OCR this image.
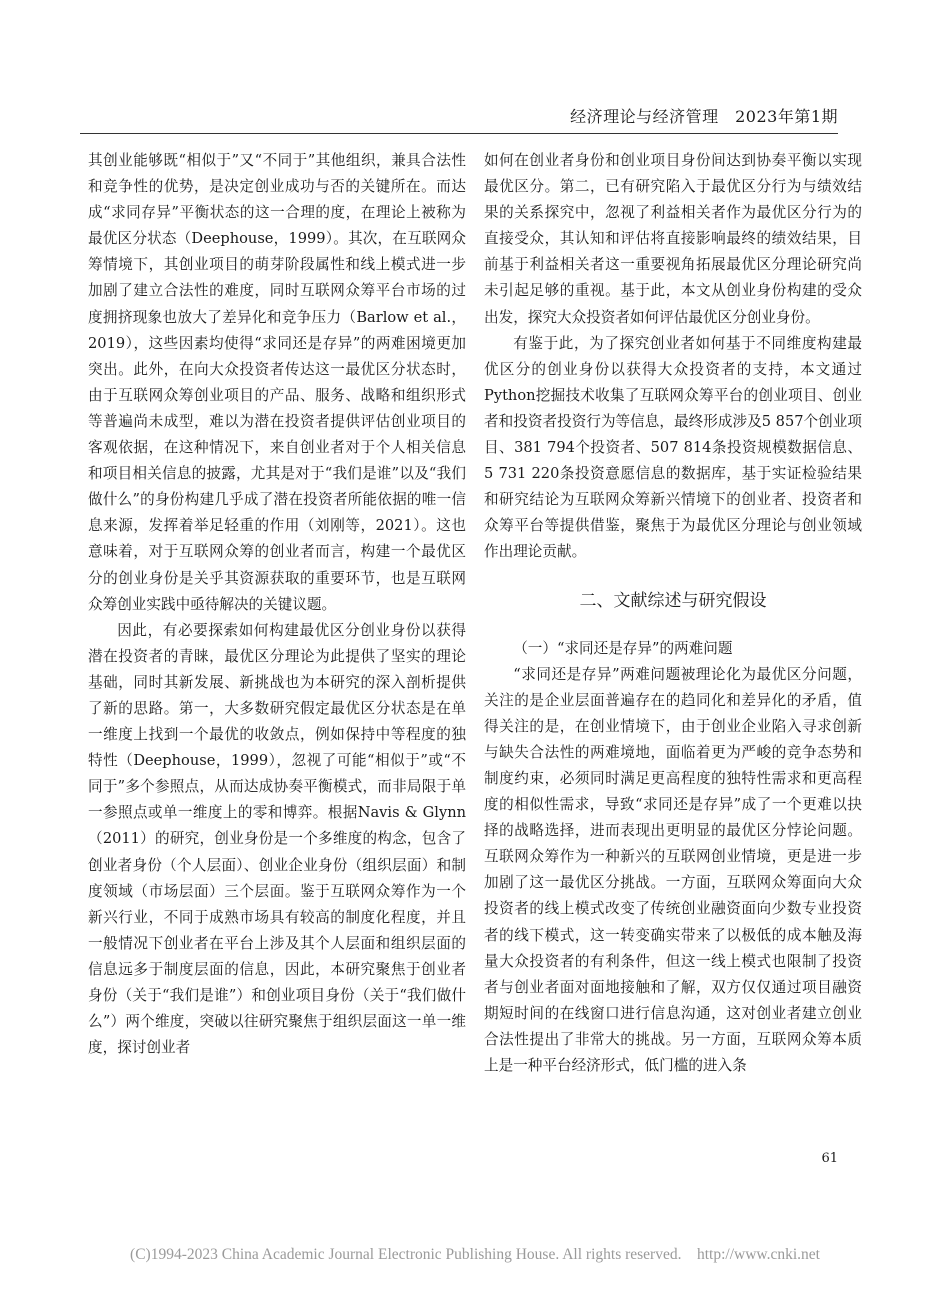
经济理论与经济管理　2023年第1期

其创业能够既“相似于”又“不同于”其他组织，兼具合法性和竞争性的优势，是决定创业成功与否的关键所在。而达成“求同存异”平衡状态的这一合理的度，在理论上被称为最优区分状态（Deephouse，1999）。其次，在互联网众筹情境下，其创业项目的萌芽阶段属性和线上模式进一步加剧了建立合法性的难度，同时互联网众筹平台市场的过度拥挤现象也放大了差异化和竞争压力（Barlow et al.，2019），这些因素均使得“求同还是存异”的两难困境更加突出。此外，在向大众投资者传达这一最优区分状态时，由于互联网众筹创业项目的产品、服务、战略和组织形式等普遍尚未成型，难以为潜在投资者提供评估创业项目的客观依据，在这种情况下，来自创业者对于个人相关信息和项目相关信息的披露，尤其是对于“我们是谁”以及“我们做什么”的身份构建几乎成了潜在投资者所能依据的唯一信息来源，发挥着举足轻重的作用（刘刚等，2021）。这也意味着，对于互联网众筹的创业者而言，构建一个最优区分的创业身份是关乎其资源获取的重要环节，也是互联网众筹创业实践中亟待解决的关键议题。

因此，有必要探索如何构建最优区分创业身份以获得潜在投资者的青睐，最优区分理论为此提供了坚实的理论基础，同时其新发展、新挑战也为本研究的深入剖析提供了新的思路。第一，大多数研究假定最优区分状态是在单一维度上找到一个最优的收敛点，例如保持中等程度的独特性（Deephouse，1999），忽视了可能“相似于”或“不同于”多个参照点，从而达成协奏平衡模式，而非局限于单一参照点或单一维度上的零和博弈。根据Navis & Glynn（2011）的研究，创业身份是一个多维度的构念，包含了创业者身份（个人层面）、创业企业身份（组织层面）和制度领域（市场层面）三个层面。鉴于互联网众筹作为一个新兴行业，不同于成熟市场具有较高的制度化程度，并且一般情况下创业者在平台上涉及其个人层面和组织层面的信息远多于制度层面的信息，因此，本研究聚焦于创业者身份（关于“我们是谁”）和创业项目身份（关于“我们做什么”）两个维度，突破以往研究聚焦于组织层面这一单一维度，探讨创业者

如何在创业者身份和创业项目身份间达到协奏平衡以实现最优区分。第二，已有研究陷入于最优区分行为与绩效结果的关系探究中，忽视了利益相关者作为最优区分行为的直接受众，其认知和评估将直接影响最终的绩效结果，目前基于利益相关者这一重要视角拓展最优区分理论研究尚未引起足够的重视。基于此，本文从创业身份构建的受众出发，探究大众投资者如何评估最优区分创业身份。

有鉴于此，为了探究创业者如何基于不同维度构建最优区分的创业身份以获得大众投资者的支持，本文通过Python挖掘技术收集了互联网众筹平台的创业项目、创业者和投资者投资行为等信息，最终形成涉及5 857个创业项目、381 794个投资者、507 814条投资规模数据信息、5 731 220条投资意愿信息的数据库，基于实证检验结果和研究结论为互联网众筹新兴情境下的创业者、投资者和众筹平台等提供借鉴，聚焦于为最优区分理论与创业领域作出理论贡献。

二、文献综述与研究假设

（一）“求同还是存异”的两难问题

“求同还是存异”两难问题被理论化为最优区分问题，关注的是企业层面普遍存在的趋同化和差异化的矛盾，值得关注的是，在创业情境下，由于创业企业陷入寻求创新与缺失合法性的两难境地，面临着更为严峻的竞争态势和制度约束，必须同时满足更高程度的独特性需求和更高程度的相似性需求，导致“求同还是存异”成了一个更难以抉择的战略选择，进而表现出更明显的最优区分悖论问题。互联网众筹作为一种新兴的互联网创业情境，更是进一步加剧了这一最优区分挑战。一方面，互联网众筹面向大众投资者的线上模式改变了传统创业融资面向少数专业投资者的线下模式，这一转变确实带来了以极低的成本触及海量大众投资者的有利条件，但这一线上模式也限制了投资者与创业者面对面地接触和了解，双方仅仅通过项目融资期短时间的在线窗口进行信息沟通，这对创业者建立创业合法性提出了非常大的挑战。另一方面，互联网众筹本质上是一种平台经济形式，低门槛的进入条

61
(C)1994-2023 China Academic Journal Electronic Publishing House. All rights reserved.　http://www.cnki.net
